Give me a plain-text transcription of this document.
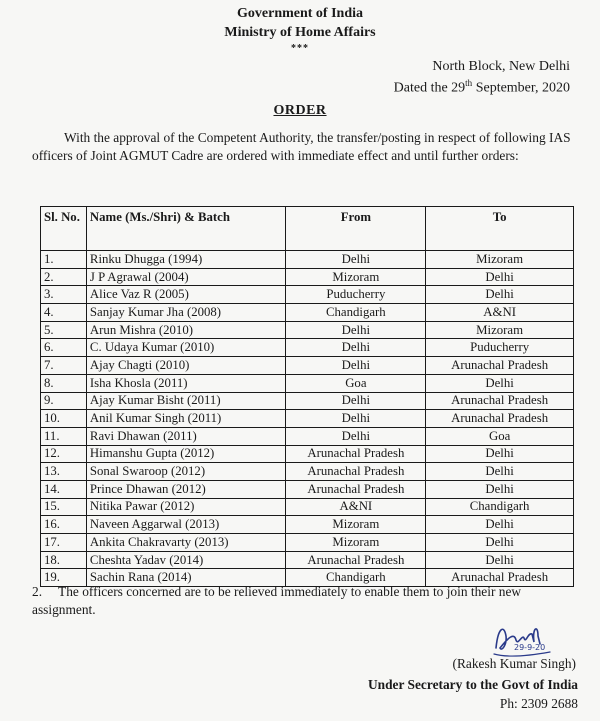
Government of India
Ministry of Home Affairs
***
North Block, New Delhi
Dated the 29th September, 2020
ORDER
With the approval of the Competent Authority, the transfer/posting in respect of following IAS officers of Joint AGMUT Cadre are ordered with immediate effect and until further orders:
Sl. No.	Name (Ms./Shri) & Batch	From	To
1.	Rinku Dhugga (1994)	Delhi	Mizoram
2.	J P Agrawal (2004)	Mizoram	Delhi
3.	Alice Vaz R (2005)	Puducherry	Delhi
4.	Sanjay Kumar Jha (2008)	Chandigarh	A&NI
5.	Arun Mishra (2010)	Delhi	Mizoram
6.	C. Udaya Kumar (2010)	Delhi	Puducherry
7.	Ajay Chagti (2010)	Delhi	Arunachal Pradesh
8.	Isha Khosla (2011)	Goa	Delhi
9.	Ajay Kumar Bisht (2011)	Delhi	Arunachal Pradesh
10.	Anil Kumar Singh (2011)	Delhi	Arunachal Pradesh
11.	Ravi Dhawan (2011)	Delhi	Goa
12.	Himanshu Gupta (2012)	Arunachal Pradesh	Delhi
13.	Sonal Swaroop (2012)	Arunachal Pradesh	Delhi
14.	Prince Dhawan (2012)	Arunachal Pradesh	Delhi
15.	Nitika Pawar (2012)	A&NI	Chandigarh
16.	Naveen Aggarwal (2013)	Mizoram	Delhi
17.	Ankita Chakravarty (2013)	Mizoram	Delhi
18.	Cheshta Yadav (2014)	Arunachal Pradesh	Delhi
19.	Sachin Rana (2014)	Chandigarh	Arunachal Pradesh
2. The officers concerned are to be relieved immediately to enable them to join their new assignment.
29-9-20
(Rakesh Kumar Singh)
Under Secretary to the Govt of India
Ph: 2309 2688
